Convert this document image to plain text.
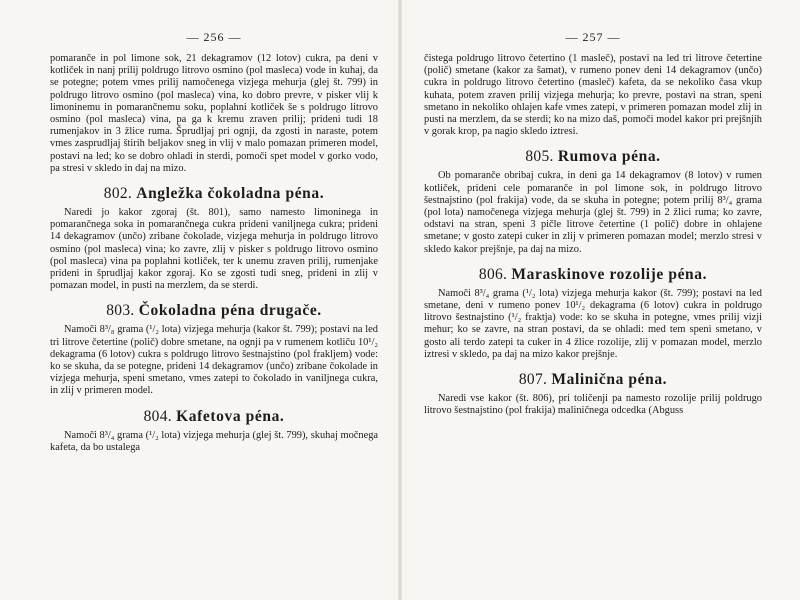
— 256 —

pomaranče in pol limone sok, 21 dekagramov (12 lotov) cukra, pa deni v kotliček in nanj prilij poldrugo litrovo osmino (pol masleca) vode in kuhaj, da se potegne; potem vmes prilij namočenega vizjega mehurja (glej št. 799) in poldrugo litrovo osmino (pol masleca) vina, ko dobro prevre, v pisker vlij k limoninemu in pomarančnemu soku, poplahni kotliček še s poldrugo litrovo osmino (pol masleca) vina, pa ga k kremu zraven prilij; prideni tudi 18 rumenjakov in 3 žlice ruma. Šprudljaj pri ognji, da zgosti in naraste, potem vmes zasprudljaj štirih beljakov sneg in vlij v malo pomazan primeren model, postavi na led; ko se dobro ohladi in sterdi, pomoči spet model v gorko vodo, pa stresi v skledo in daj na mizo.

802. Angležka čokoladna péna.

Naredi jo kakor zgoraj (št. 801), samo namesto limoninega in pomarančnega soka in pomarančnega cukra prideni vaniljnega cukra; prideni 14 dekagramov (unčo) zribane čokolade, vizjega mehurja in poldrugo litrovo osmino (pol masleca) vina; ko zavre, zlij v pisker s poldrugo litrovo osmino (pol masleca) vina pa poplahni kotliček, ter k unemu zraven prilij, rumenjake prideni in šprudljaj kakor zgoraj. Ko se zgosti tudi sneg, prideni in zlij v pomazan model, in pusti na merzlem, da se sterdi.

803. Čokoladna péna drugače.

Namoči 8³/₈ grama (¹/₂ lota) vizjega mehurja (kakor št. 799); postavi na led tri litrove četertine (polič) dobre smetane, na ognji pa v rumenem kotliču 10¹/₂ dekagrama (6 lotov) cukra s poldrugo litrovo šestnajstino (pol frakljem) vode: ko se skuha, da se potegne, prideni 14 dekagramov (unčo) zribane čokolade in vizjega mehurja, speni smetano, vmes zatepi to čokolado in vaniljnega cukra, in zlij v primeren model.

804. Kafetova péna.

Namoči 8³/₄ grama (¹/₂ lota) vizjega mehurja (glej št. 799), skuhaj močnega kafeta, da bo ustalega

— 257 —

čistega poldrugo litrovo četertino (1 masleč), postavi na led tri litrove četertine (polič) smetane (kakor za šamat), v rumeno ponev deni 14 dekagramov (unčo) cukra in poldrugo litrovo četertino (masleč) kafeta, da se nekoliko časa vkup kuhata, potem zraven prilij vizjega mehurja; ko prevre, postavi na stran, speni smetano in nekoliko ohlajen kafe vmes zatepi, v primeren pomazan model zlij in pusti na merzlem, da se sterdi; ko na mizo daš, pomoči model kakor pri prejšnjih v gorak krop, pa nagio skledo iztresi.

805. Rumova péna.

Ob pomaranče obribaj cukra, in deni ga 14 dekagramov (8 lotov) v rumen kotliček, prideni cele pomaranče in pol limone sok, in poldrugo litrovo šestnajstino (pol frakija) vode, da se skuha in potegne; potem prilij 8³/₄ grama (pol lota) namočenega vizjega mehurja (glej št. 799) in 2 žlici ruma; ko zavre, odstavi na stran, speni 3 pičle litrove četertine (1 polič) dobre in ohlajene smetane; v gosto zatepi cuker in zlij v primeren pomazan model; merzlo stresi v skledo kakor prejšnje, pa daj na mizo.

806. Maraskinove rozolije péna.

Namoči 8³/₄ grama (¹/₂ lota) vizjega mehurja kakor (št. 799); postavi na led smetane, deni v rumeno ponev 10¹/₂ dekagrama (6 lotov) cukra in poldrugo litrovo šestnajstino (¹/₂ fraktja) vode: ko se skuha in potegne, vmes prilij vizji mehur; ko se zavre, na stran postavi, da se ohladi: med tem speni smetano, v gosto ali terdo zatepi ta cuker in 4 žlice rozolije, zlij v pomazan model, merzlo iztresi v skledo, pa daj na mizo kakor prejšnje.

807. Malinična péna.

Naredi vse kakor (št. 806), pri toličenji pa namesto rozolije prilij poldrugo litrovo šestnajstino (pol frakija) maliničnega odcedka (Abguss
